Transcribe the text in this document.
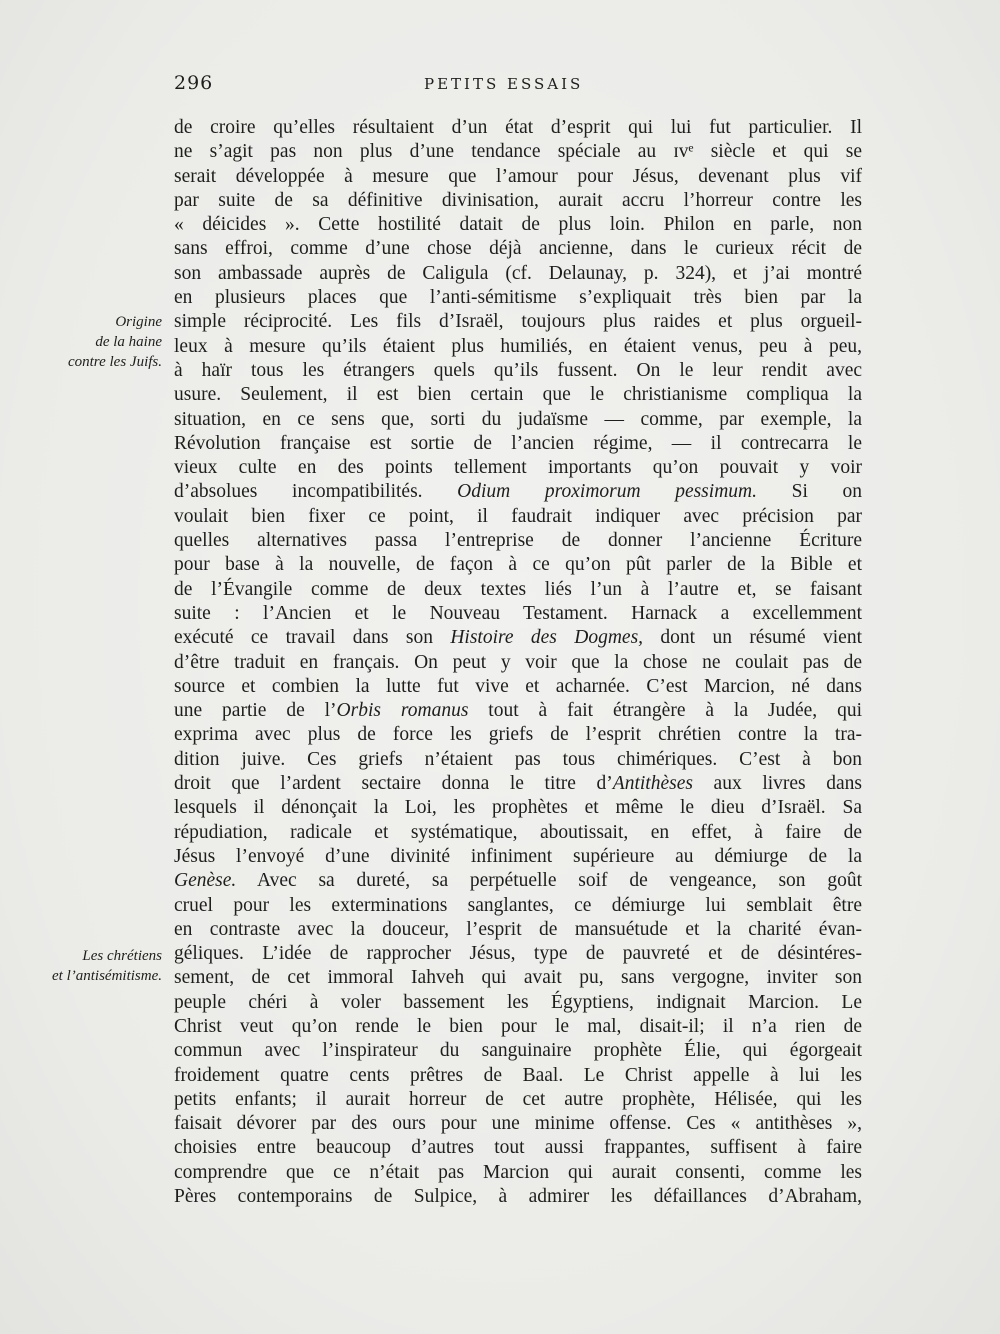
296	PETITS ESSAIS
Origine
de la haine
contre les Juifs.
Les chrétiens
et l’antisémitisme.
de croire qu’elles résultaient d’un état d’esprit qui lui fut particulier. Il
ne s’agit pas non plus d’une tendance spéciale au ɪᴠᵉ siècle et qui se
serait développée à mesure que l’amour pour Jésus, devenant plus vif
par suite de sa définitive divinisation, aurait accru l’horreur contre les
« déicides ». Cette hostilité datait de plus loin. Philon en parle, non
sans effroi, comme d’une chose déjà ancienne, dans le curieux récit de
son ambassade auprès de Caligula (cf. Delaunay, p. 324), et j’ai montré
en plusieurs places que l’anti-sémitisme s’expliquait très bien par la
simple réciprocité. Les fils d’Israël, toujours plus raides et plus orgueil-
leux à mesure qu’ils étaient plus humiliés, en étaient venus, peu à peu,
à haïr tous les étrangers quels qu’ils fussent. On le leur rendit avec
usure. Seulement, il est bien certain que le christianisme compliqua la
situation, en ce sens que, sorti du judaïsme — comme, par exemple, la
Révolution française est sortie de l’ancien régime, — il contrecarra le
vieux culte en des points tellement importants qu’on pouvait y voir
d’absolues incompatibilités. Odium proximorum pessimum. Si on
voulait bien fixer ce point, il faudrait indiquer avec précision par
quelles alternatives passa l’entreprise de donner l’ancienne Écriture
pour base à la nouvelle, de façon à ce qu’on pût parler de la Bible et
de l’Évangile comme de deux textes liés l’un à l’autre et, se faisant
suite : l’Ancien et le Nouveau Testament. Harnack a excellemment
exécuté ce travail dans son Histoire des Dogmes, dont un résumé vient
d’être traduit en français. On peut y voir que la chose ne coulait pas de
source et combien la lutte fut vive et acharnée. C’est Marcion, né dans
une partie de l’Orbis romanus tout à fait étrangère à la Judée, qui
exprima avec plus de force les griefs de l’esprit chrétien contre la tra-
dition juive. Ces griefs n’étaient pas tous chimériques. C’est à bon
droit que l’ardent sectaire donna le titre d’Antithèses aux livres dans
lesquels il dénonçait la Loi, les prophètes et même le dieu d’Israël. Sa
répudiation, radicale et systématique, aboutissait, en effet, à faire de
Jésus l’envoyé d’une divinité infiniment supérieure au démiurge de la
Genèse. Avec sa dureté, sa perpétuelle soif de vengeance, son goût
cruel pour les exterminations sanglantes, ce démiurge lui semblait être
en contraste avec la douceur, l’esprit de mansuétude et la charité évan-
géliques. L’idée de rapprocher Jésus, type de pauvreté et de désintéres-
sement, de cet immoral Iahveh qui avait pu, sans vergogne, inviter son
peuple chéri à voler bassement les Égyptiens, indignait Marcion. Le
Christ veut qu’on rende le bien pour le mal, disait-il; il n’a rien de
commun avec l’inspirateur du sanguinaire prophète Élie, qui égorgeait
froidement quatre cents prêtres de Baal. Le Christ appelle à lui les
petits enfants; il aurait horreur de cet autre prophète, Hélisée, qui les
faisait dévorer par des ours pour une minime offense. Ces « antithèses »,
choisies entre beaucoup d’autres tout aussi frappantes, suffisent à faire
comprendre que ce n’était pas Marcion qui aurait consenti, comme les
Pères contemporains de Sulpice, à admirer les défaillances d’Abraham,
